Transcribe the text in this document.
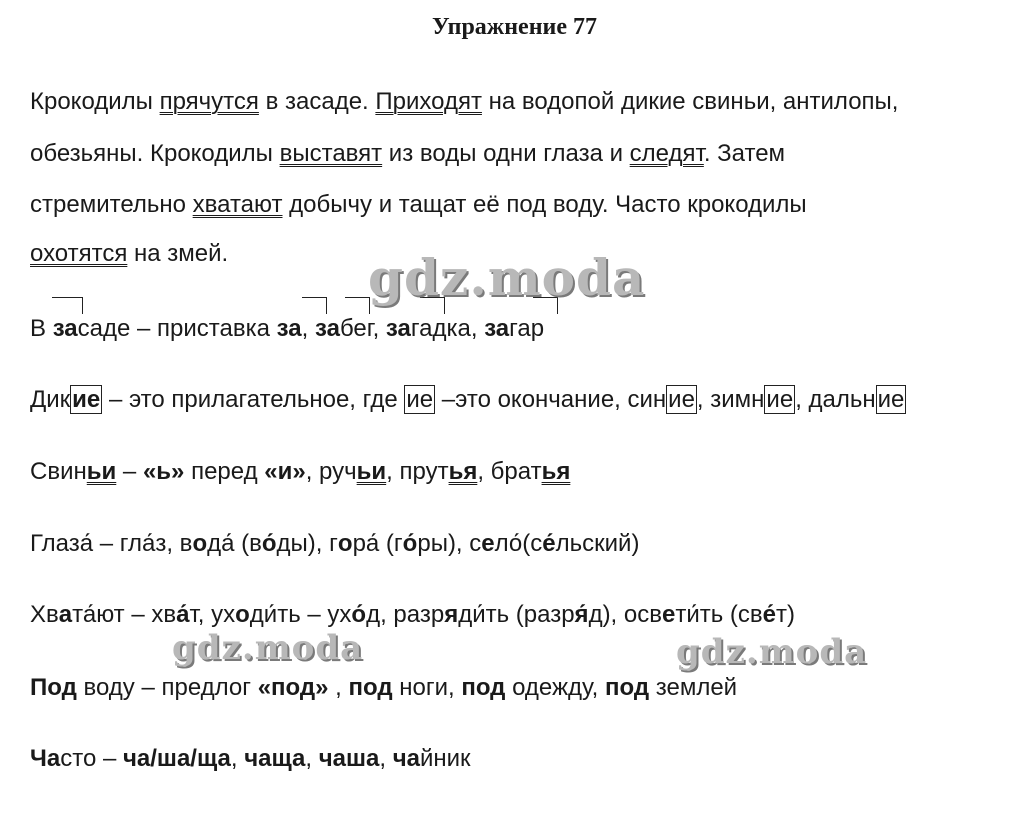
Упражнение 77
Крокодилы прячутся в засаде. Приходят на водопой дикие свиньи, антилопы,
обезьяны. Крокодилы выставят из воды одни глаза и следят. Затем
стремительно хватают добычу и тащат её под воду. Часто крокодилы
охотятся на змей.
В засаде – приставка за, забег, загадка, загар
Дикие – это прилагательное, где ие –это окончание, синие, зимние, дальние
Свиньи – «ь» перед «и», ручьи, прутья, братья
Глаза́ – гла́з, вода́ (во́ды), гора́ (го́ры), село́(се́льский)
Хвата́ют – хва́т, уходи́ть – ухо́д, разряди́ть (разря́д), освети́ть (све́т)
Под воду – предлог «под» , под ноги, под одежду, под землей
Часто – ча/ша/ща, чаща, чаша, чайник
gdz.moda
gdz.moda	gdz.moda
